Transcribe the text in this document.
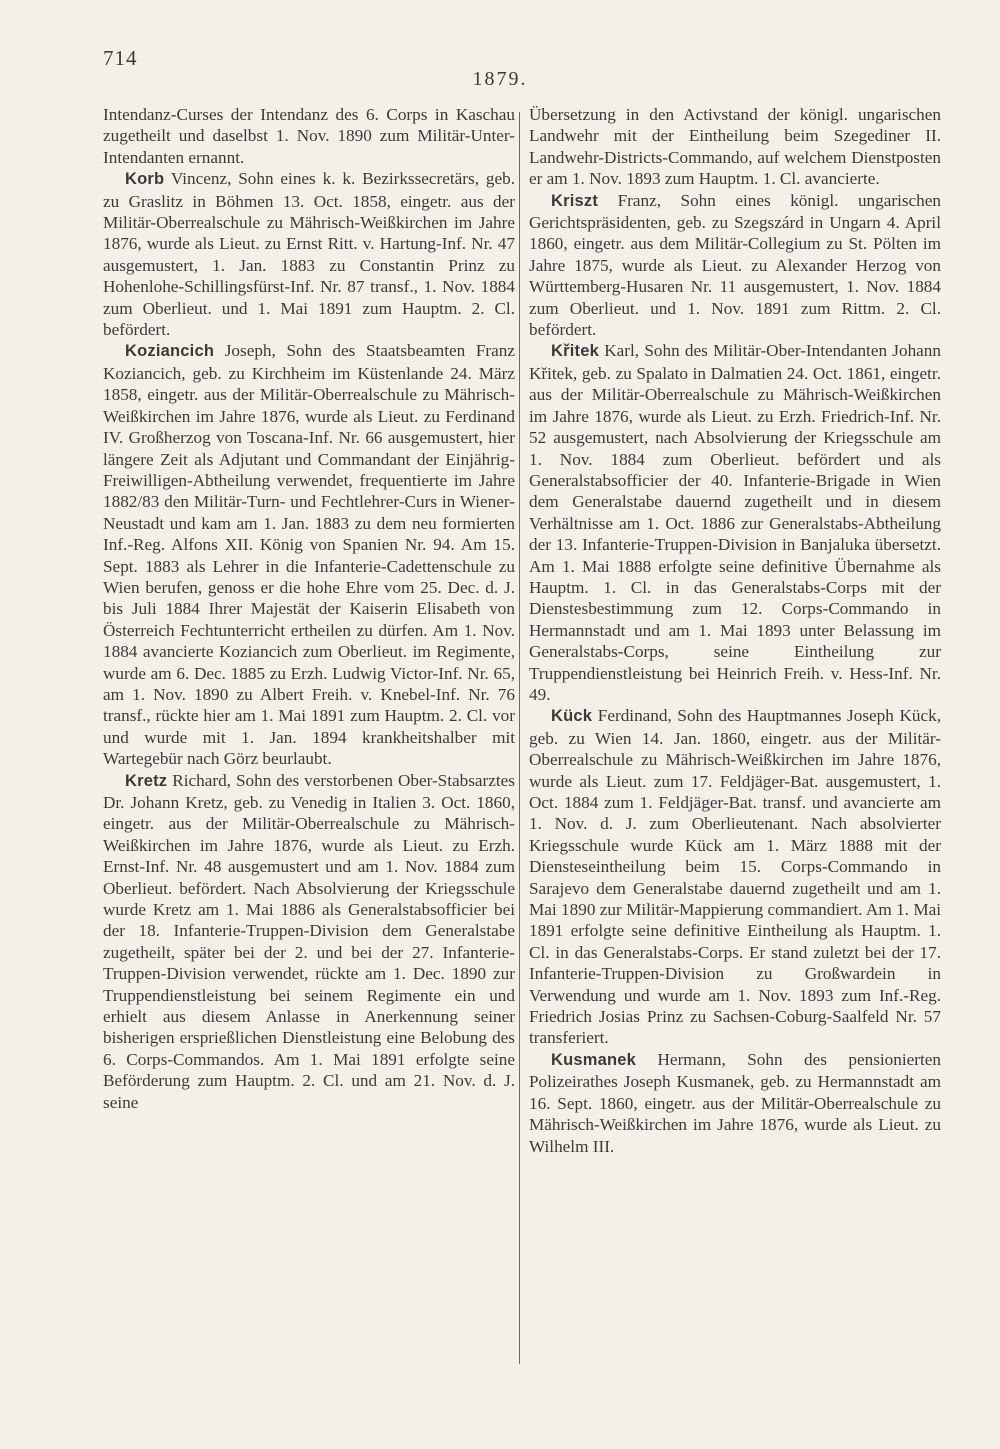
714
1879.

Intendanz-Curses der Intendanz des 6. Corps in Kaschau zugetheilt und daselbst 1. Nov. 1890 zum Militär-Unter-Intendanten ernannt.

Korb Vincenz, Sohn eines k. k. Bezirkssecretärs, geb. zu Graslitz in Böhmen 13. Oct. 1858, eingetr. aus der Militär-Oberrealschule zu Mährisch-Weißkirchen im Jahre 1876, wurde als Lieut. zu Ernst Ritt. v. Hartung-Inf. Nr. 47 ausgemustert, 1. Jan. 1883 zu Constantin Prinz zu Hohenlohe-Schillingsfürst-Inf. Nr. 87 transf., 1. Nov. 1884 zum Oberlieut. und 1. Mai 1891 zum Hauptm. 2. Cl. befördert.

Koziancich Joseph, Sohn des Staatsbeamten Franz Koziancich, geb. zu Kirchheim im Küstenlande 24. März 1858, eingetr. aus der Militär-Oberrealschule zu Mährisch-Weißkirchen im Jahre 1876, wurde als Lieut. zu Ferdinand IV. Großherzog von Toscana-Inf. Nr. 66 ausgemustert, hier längere Zeit als Adjutant und Commandant der Einjährig-Freiwilligen-Abtheilung verwendet, frequentierte im Jahre 1882/83 den Militär-Turn- und Fechtlehrer-Curs in Wiener-Neustadt und kam am 1. Jan. 1883 zu dem neu formierten Inf.-Reg. Alfons XII. König von Spanien Nr. 94. Am 15. Sept. 1883 als Lehrer in die Infanterie-Cadettenschule zu Wien berufen, genoss er die hohe Ehre vom 25. Dec. d. J. bis Juli 1884 Ihrer Majestät der Kaiserin Elisabeth von Österreich Fechtunterricht ertheilen zu dürfen. Am 1. Nov. 1884 avancierte Koziancich zum Oberlieut. im Regimente, wurde am 6. Dec. 1885 zu Erzh. Ludwig Victor-Inf. Nr. 65, am 1. Nov. 1890 zu Albert Freih. v. Knebel-Inf. Nr. 76 transf., rückte hier am 1. Mai 1891 zum Hauptm. 2. Cl. vor und wurde mit 1. Jan. 1894 krankheitshalber mit Wartegebür nach Görz beurlaubt.

Kretz Richard, Sohn des verstorbenen Ober-Stabsarztes Dr. Johann Kretz, geb. zu Venedig in Italien 3. Oct. 1860, eingetr. aus der Militär-Oberrealschule zu Mährisch-Weißkirchen im Jahre 1876, wurde als Lieut. zu Erzh. Ernst-Inf. Nr. 48 ausgemustert und am 1. Nov. 1884 zum Oberlieut. befördert. Nach Absolvierung der Kriegsschule wurde Kretz am 1. Mai 1886 als Generalstabsofficier bei der 18. Infanterie-Truppen-Division dem Generalstabe zugetheilt, später bei der 2. und bei der 27. Infanterie-Truppen-Division verwendet, rückte am 1. Dec. 1890 zur Truppendienstleistung bei seinem Regimente ein und erhielt aus diesem Anlasse in Anerkennung seiner bisherigen ersprießlichen Dienstleistung eine Belobung des 6. Corps-Commandos. Am 1. Mai 1891 erfolgte seine Beförderung zum Hauptm. 2. Cl. und am 21. Nov. d. J. seine

Übersetzung in den Activstand der königl. ungarischen Landwehr mit der Eintheilung beim Szegediner II. Landwehr-Districts-Commando, auf welchem Dienstposten er am 1. Nov. 1893 zum Hauptm. 1. Cl. avancierte.

Kriszt Franz, Sohn eines königl. ungarischen Gerichtspräsidenten, geb. zu Szegszárd in Ungarn 4. April 1860, eingetr. aus dem Militär-Collegium zu St. Pölten im Jahre 1875, wurde als Lieut. zu Alexander Herzog von Württemberg-Husaren Nr. 11 ausgemustert, 1. Nov. 1884 zum Oberlieut. und 1. Nov. 1891 zum Rittm. 2. Cl. befördert.

Křitek Karl, Sohn des Militär-Ober-Intendanten Johann Křitek, geb. zu Spalato in Dalmatien 24. Oct. 1861, eingetr. aus der Militär-Oberrealschule zu Mährisch-Weißkirchen im Jahre 1876, wurde als Lieut. zu Erzh. Friedrich-Inf. Nr. 52 ausgemustert, nach Absolvierung der Kriegsschule am 1. Nov. 1884 zum Oberlieut. befördert und als Generalstabsofficier der 40. Infanterie-Brigade in Wien dem Generalstabe dauernd zugetheilt und in diesem Verhältnisse am 1. Oct. 1886 zur Generalstabs-Abtheilung der 13. Infanterie-Truppen-Division in Banjaluka übersetzt. Am 1. Mai 1888 erfolgte seine definitive Übernahme als Hauptm. 1. Cl. in das Generalstabs-Corps mit der Dienstesbestimmung zum 12. Corps-Commando in Hermannstadt und am 1. Mai 1893 unter Belassung im Generalstabs-Corps, seine Eintheilung zur Truppendienstleistung bei Heinrich Freih. v. Hess-Inf. Nr. 49.

Kück Ferdinand, Sohn des Hauptmannes Joseph Kück, geb. zu Wien 14. Jan. 1860, eingetr. aus der Militär-Oberrealschule zu Mährisch-Weißkirchen im Jahre 1876, wurde als Lieut. zum 17. Feldjäger-Bat. ausgemustert, 1. Oct. 1884 zum 1. Feldjäger-Bat. transf. und avancierte am 1. Nov. d. J. zum Oberlieutenant. Nach absolvierter Kriegsschule wurde Kück am 1. März 1888 mit der Diensteseintheilung beim 15. Corps-Commando in Sarajevo dem Generalstabe dauernd zugetheilt und am 1. Mai 1890 zur Militär-Mappierung commandiert. Am 1. Mai 1891 erfolgte seine definitive Eintheilung als Hauptm. 1. Cl. in das Generalstabs-Corps. Er stand zuletzt bei der 17. Infanterie-Truppen-Division zu Großwardein in Verwendung und wurde am 1. Nov. 1893 zum Inf.-Reg. Friedrich Josias Prinz zu Sachsen-Coburg-Saalfeld Nr. 57 transferiert.

Kusmanek Hermann, Sohn des pensionierten Polizeirathes Joseph Kusmanek, geb. zu Hermannstadt am 16. Sept. 1860, eingetr. aus der Militär-Oberrealschule zu Mährisch-Weißkirchen im Jahre 1876, wurde als Lieut. zu Wilhelm III.
